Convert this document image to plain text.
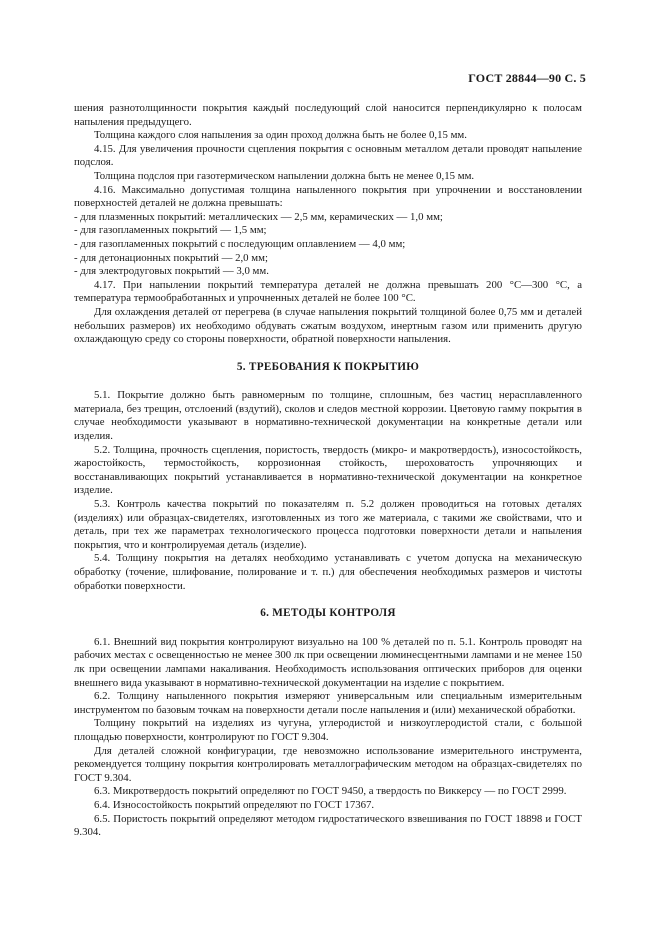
ГОСТ 28844—90 С. 5

шения разнотолщинности покрытия каждый последующий слой наносится перпендикулярно к полосам напыления предыдущего.

Толщина каждого слоя напыления за один проход должна быть не более 0,15 мм.

4.15. Для увеличения прочности сцепления покрытия с основным металлом детали проводят напыление подслоя.

Толщина подслоя при газотермическом напылении должна быть не менее 0,15 мм.

4.16. Максимально допустимая толщина напыленного покрытия при упрочнении и восстановлении поверхностей деталей не должна превышать:

- для плазменных покрытий: металлических — 2,5 мм, керамических — 1,0 мм;

- для газопламенных покрытий — 1,5 мм;

- для газопламенных покрытий с последующим оплавлением — 4,0 мм;

- для детонационных покрытий — 2,0 мм;

- для электродуговых покрытий — 3,0 мм.

4.17. При напылении покрытий температура деталей не должна превышать 200 °С—300 °С, а температура термообработанных и упрочненных деталей не более 100 °С.

Для охлаждения деталей от перегрева (в случае напыления покрытий толщиной более 0,75 мм и деталей небольших размеров) их необходимо обдувать сжатым воздухом, инертным газом или применить другую охлаждающую среду со стороны поверхности, обратной поверхности напыления.

5. ТРЕБОВАНИЯ К ПОКРЫТИЮ

5.1. Покрытие должно быть равномерным по толщине, сплошным, без частиц нерасплавленного материала, без трещин, отслоений (вздутий), сколов и следов местной коррозии. Цветовую гамму покрытия в случае необходимости указывают в нормативно-технической документации на конкретные детали или изделия.

5.2. Толщина, прочность сцепления, пористость, твердость (микро- и макротвердость), износостойкость, жаростойкость, термостойкость, коррозионная стойкость, шероховатость упрочняющих и восстанавливающих покрытий устанавливается в нормативно-технической документации на конкретное изделие.

5.3. Контроль качества покрытий по показателям п. 5.2 должен проводиться на готовых деталях (изделиях) или образцах-свидетелях, изготовленных из того же материала, с такими же свойствами, что и деталь, при тех же параметрах технологического процесса подготовки поверхности детали и напыления покрытия, что и контролируемая деталь (изделие).

5.4. Толщину покрытия на деталях необходимо устанавливать с учетом допуска на механическую обработку (точение, шлифование, полирование и т. п.) для обеспечения необходимых размеров и чистоты обработки поверхности.

6. МЕТОДЫ КОНТРОЛЯ

6.1. Внешний вид покрытия контролируют визуально на 100 % деталей по п. 5.1. Контроль проводят на рабочих местах с освещенностью не менее 300 лк при освещении люминесцентными лампами и не менее 150 лк при освещении лампами накаливания. Необходимость использования оптических приборов для оценки внешнего вида указывают в нормативно-технической документации на изделие с покрытием.

6.2. Толщину напыленного покрытия измеряют универсальным или специальным измерительным инструментом по базовым точкам на поверхности детали после напыления и (или) механической обработки.

Толщину покрытий на изделиях из чугуна, углеродистой и низкоуглеродистой стали, с большой площадью поверхности, контролируют по ГОСТ 9.304.

Для деталей сложной конфигурации, где невозможно использование измерительного инструмента, рекомендуется толщину покрытия контролировать металлографическим методом на образцах-свидетелях по ГОСТ 9.304.

6.3. Микротвердость покрытий определяют по ГОСТ 9450, а твердость по Виккерсу — по ГОСТ 2999.

6.4. Износостойкость покрытий определяют по ГОСТ 17367.

6.5. Пористость покрытий определяют методом гидростатического взвешивания по ГОСТ 18898 и ГОСТ 9.304.
